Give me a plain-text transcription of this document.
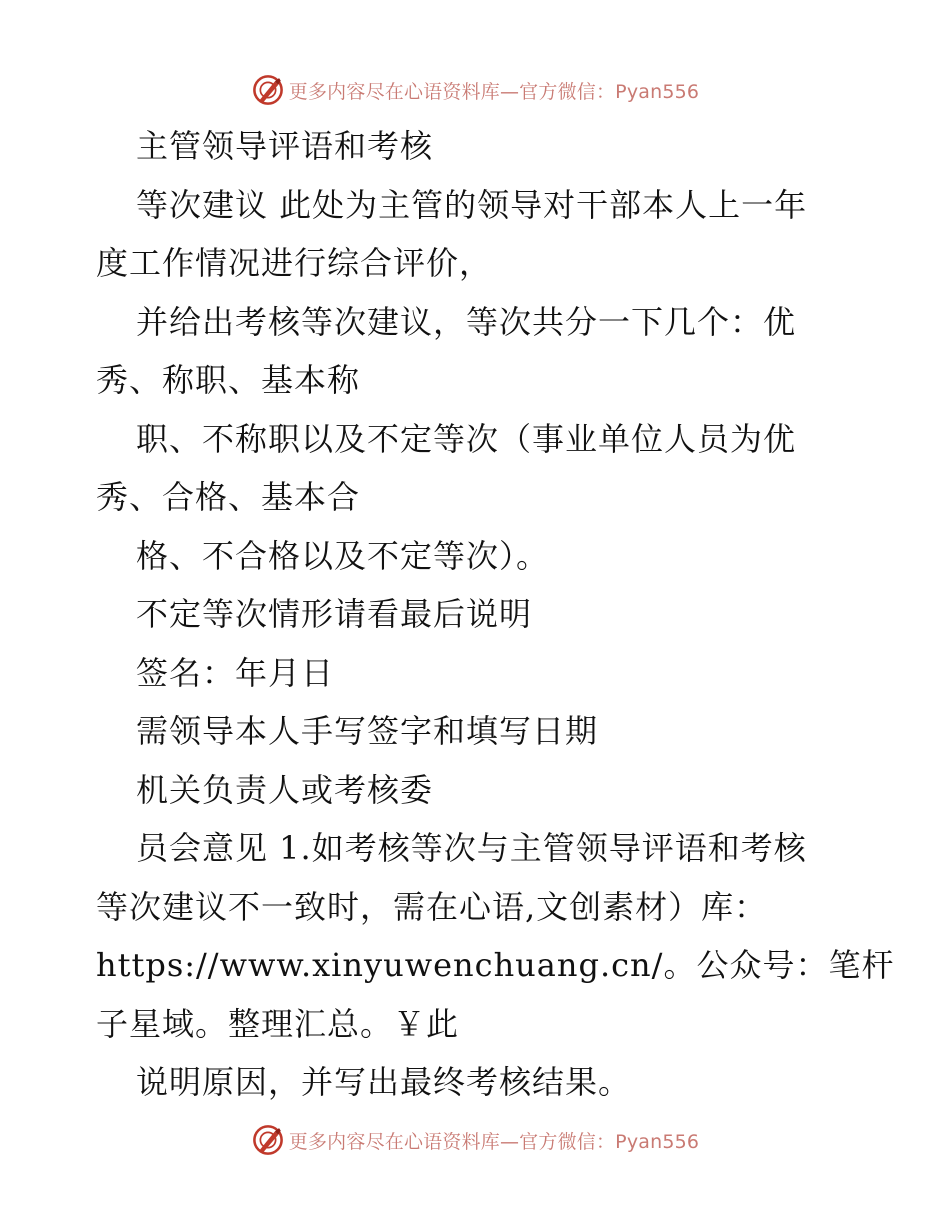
更多内容尽在心语资料库—官方微信：Pyan556
主管领导评语和考核
等次建议 此处为主管的领导对干部本人上一年
度工作情况进行综合评价，
并给出考核等次建议，等次共分一下几个：优
秀、称职、基本称
职、不称职以及不定等次（事业单位人员为优
秀、合格、基本合
格、不合格以及不定等次）。
不定等次情形请看最后说明
签名：年月日
需领导本人手写签字和填写日期
机关负责人或考核委
员会意见 1.如考核等次与主管领导评语和考核
等次建议不一致时，需在心语,文创素材）库：
https://www.xinyuwenchuang.cn/。公众号：笔杆
子星域。整理汇总。￥此
说明原因，并写出最终考核结果。
更多内容尽在心语资料库—官方微信：Pyan556
